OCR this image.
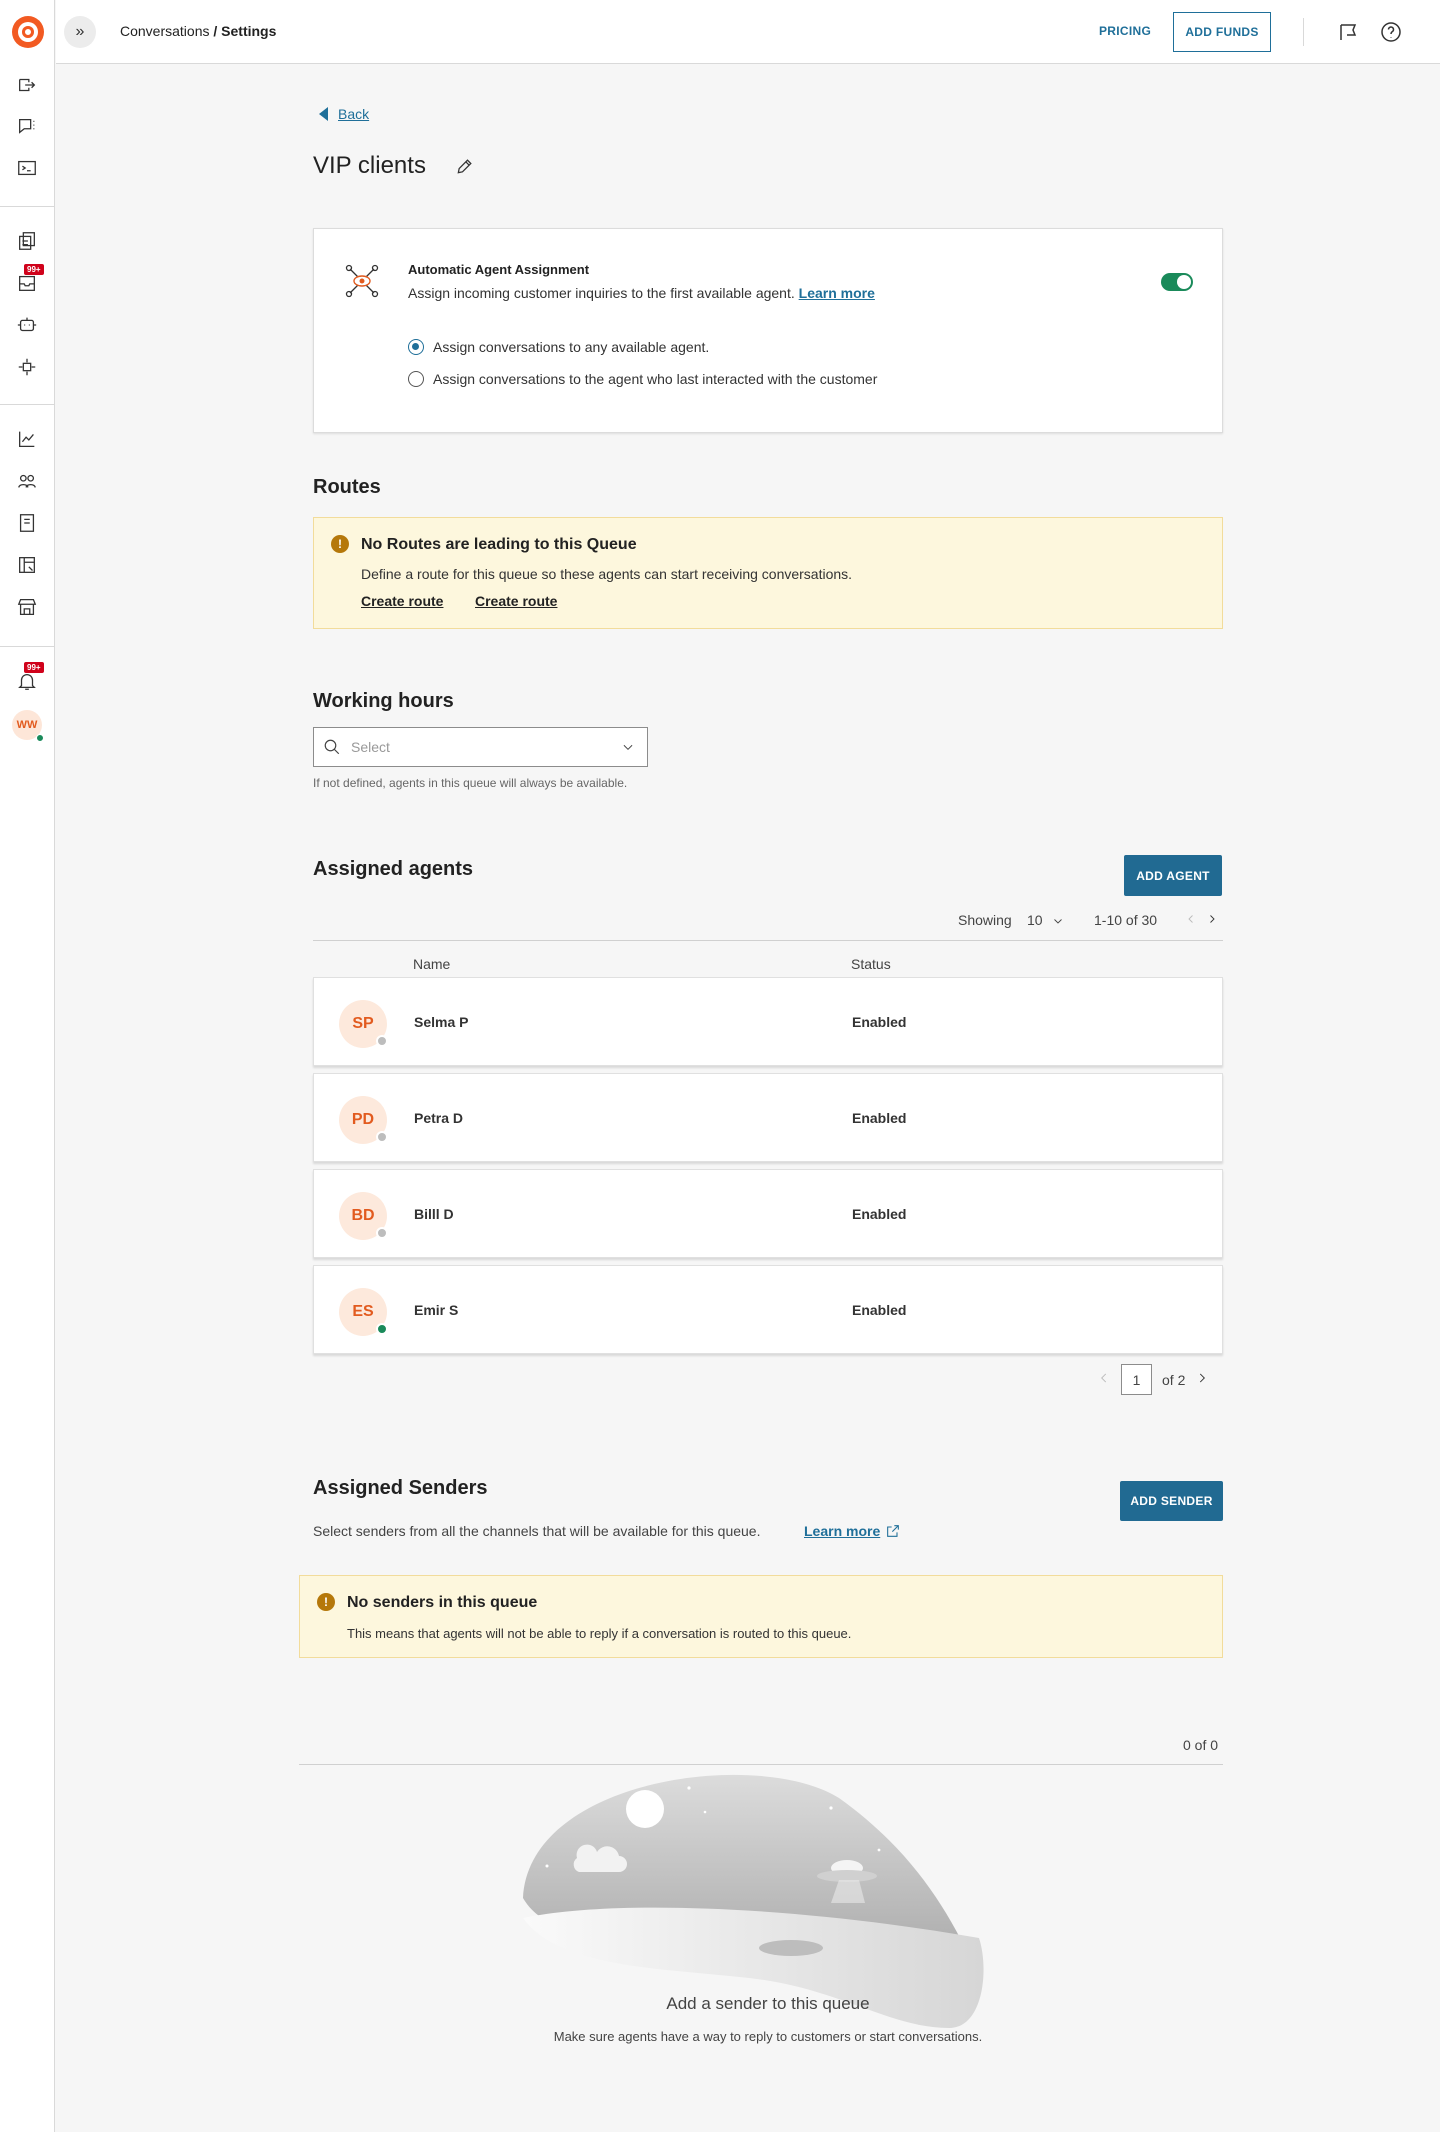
99+
99+
WW
»	Conversations / Settings	PRICING	ADD FUNDS
Back
VIP clients
Automatic Agent Assignment
Assign incoming customer inquiries to the first available agent. Learn more
Assign conversations to any available agent.
Assign conversations to the agent who last interacted with the customer
Routes
!	No Routes are leading to this Queue
Define a route for this queue so these agents can start receiving conversations.
Create route Create route
Working hours
Select
If not defined, agents in this queue will always be available.
Assigned agents	ADD AGENT
Showing 10	1-10 of 30
Name	Status
SP	Selma P	Enabled
PD	Petra D	Enabled
BD	Billl D	Enabled
ES	Emir S	Enabled
1	of 2
Assigned Senders
ADD SENDER
Select senders from all the channels that will be available for this queue.	Learn more
!	No senders in this queue
This means that agents will not be able to reply if a conversation is routed to this queue.
0 of 0
Add a sender to this queue
Make sure agents have a way to reply to customers or start conversations.
